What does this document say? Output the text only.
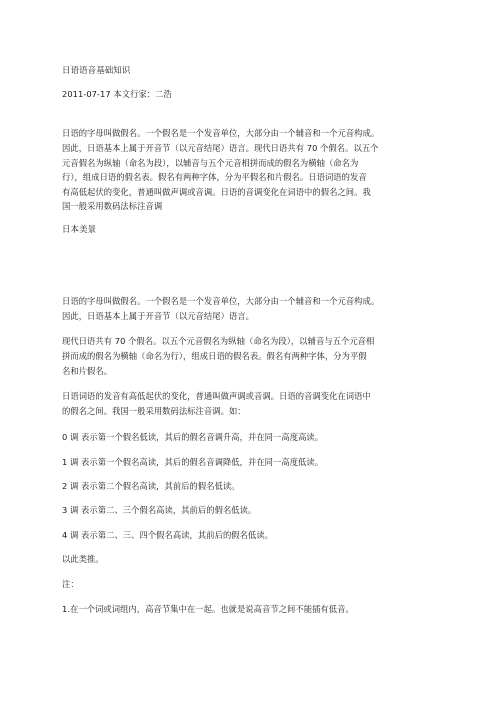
日语语音基础知识
2011-07-17 本文行家：二浩
日语的字母叫做假名。一个假名是一个发音单位，大部分由一个辅音和一个元音构成。
因此，日语基本上属于开音节（以元音结尾）语言。现代日语共有 70 个假名。以五个
元音假名为纵轴（命名为段），以辅音与五个元音相拼而成的假名为横轴（命名为
行），组成日语的假名表。假名有两种字体，分为平假名和片假名。日语词语的发音
有高低起伏的变化，普通叫做声调或音调。日语的音调变化在词语中的假名之间。我
国一般采用数码法标注音调
日本美景
日语的字母叫做假名。一个假名是一个发音单位，大部分由一个辅音和一个元音构成。
因此，日语基本上属于开音节（以元音结尾）语言。
现代日语共有 70 个假名。以五个元音假名为纵轴（命名为段），以辅音与五个元音相
拼而成的假名为横轴（命名为行），组成日语的假名表。假名有两种字体，分为平假
名和片假名。
日语词语的发音有高低起伏的变化，普通叫做声调或音调。日语的音调变化在词语中
的假名之间。我国一般采用数码法标注音调。如：
0 调 表示第一个假名低读，其后的假名音调升高，并在同一高度高读。
1 调 表示第一个假名高读，其后的假名音调降低，并在同一高度低读。
2 调 表示第二个假名高读，其前后的假名低读。
3 调 表示第二、三个假名高读，其前后的假名低读。
4 调 表示第二、三、四个假名高读，其前后的假名低读。
以此类推。
注：
1.在一个词或词组内，高音节集中在一起。也就是说高音节之间不能插有低音。
